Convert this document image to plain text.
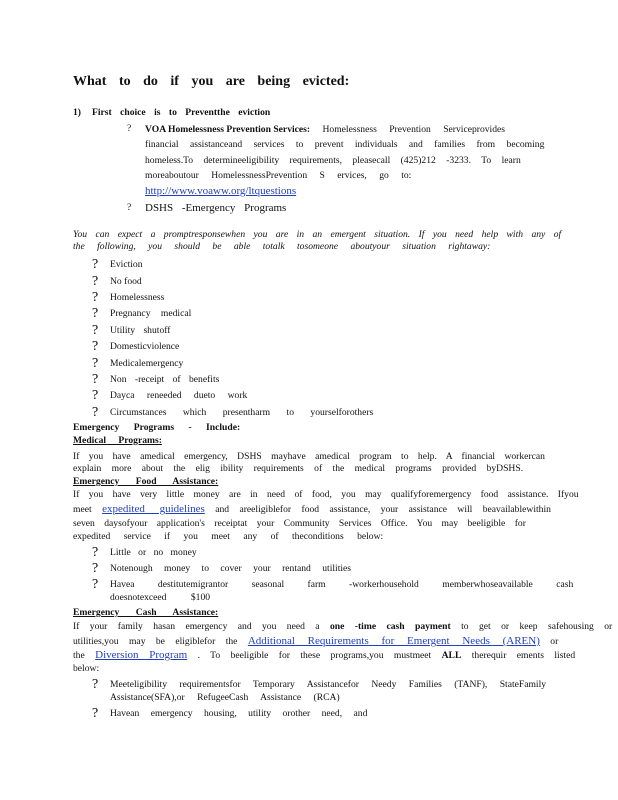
What to do if you are being evicted:
1) First choice is to Preventthe eviction
? VOA Homelessness Prevention Services: Homelessness Prevention Serviceprovides
financial assistanceand services to prevent individuals and families from becoming
homeless.To determineeligibility requirements, pleasecall (425)212 -3233. To learn
moreaboutour HomelessnessPrevention S ervices, go to:
http://www.voaww.org/ltquestions
? DSHS -Emergency Programs
You can expect a promptresponsewhen you are in an emergent situation. If you need help with any of
the following, you should be able totalk tosomeone aboutyour situation rightaway:
?	Eviction
?	No food
?	Homelessness
?	Pregnancy medical
?	Utility shutoff
?	Domesticviolence
?	Medicalemergency
?	Non -receipt of benefits
?	Dayca reneeded dueto work
?	Circumstances which presentharm to yourselforothers
Emergency Programs - Include:
Medical Programs:
If you have amedical emergency, DSHS mayhave amedical program to help. A financial workercan
explain more about the elig ibility requirements of the medical programs provided byDSHS.
Emergency Food Assistance:
If you have very little money are in need of food, you may qualifyforemergency food assistance. Ifyou
meet expedited guidelines and areeligiblefor food assistance, your assistance will beavailablewithin
seven daysofyour application's receiptat your Community Services Office. You may beeligible for
expedited service if you meet any of theconditions below:
?	Little or no money
?	Notenough money to cover your rentand utilities
?	Havea destitutemigrantor seasonal farm -workerhousehold memberwhoseavailable cash
doesnotexceed $100
Emergency Cash Assistance:
If your family hasan emergency and you need a one -time cash payment to get or keep safehousing or
utilities,you may be eligiblefor the Additional Requirements for Emergent Needs (AREN) or
the Diversion Program . To beeligible for these programs,you mustmeet ALL therequir ements listed
below:
?	Meeteligibility requirementsfor Temporary Assistancefor Needy Families (TANF), StateFamily
Assistance(SFA),or RefugeeCash Assistance (RCA)
?	Havean emergency housing, utility orother need, and
